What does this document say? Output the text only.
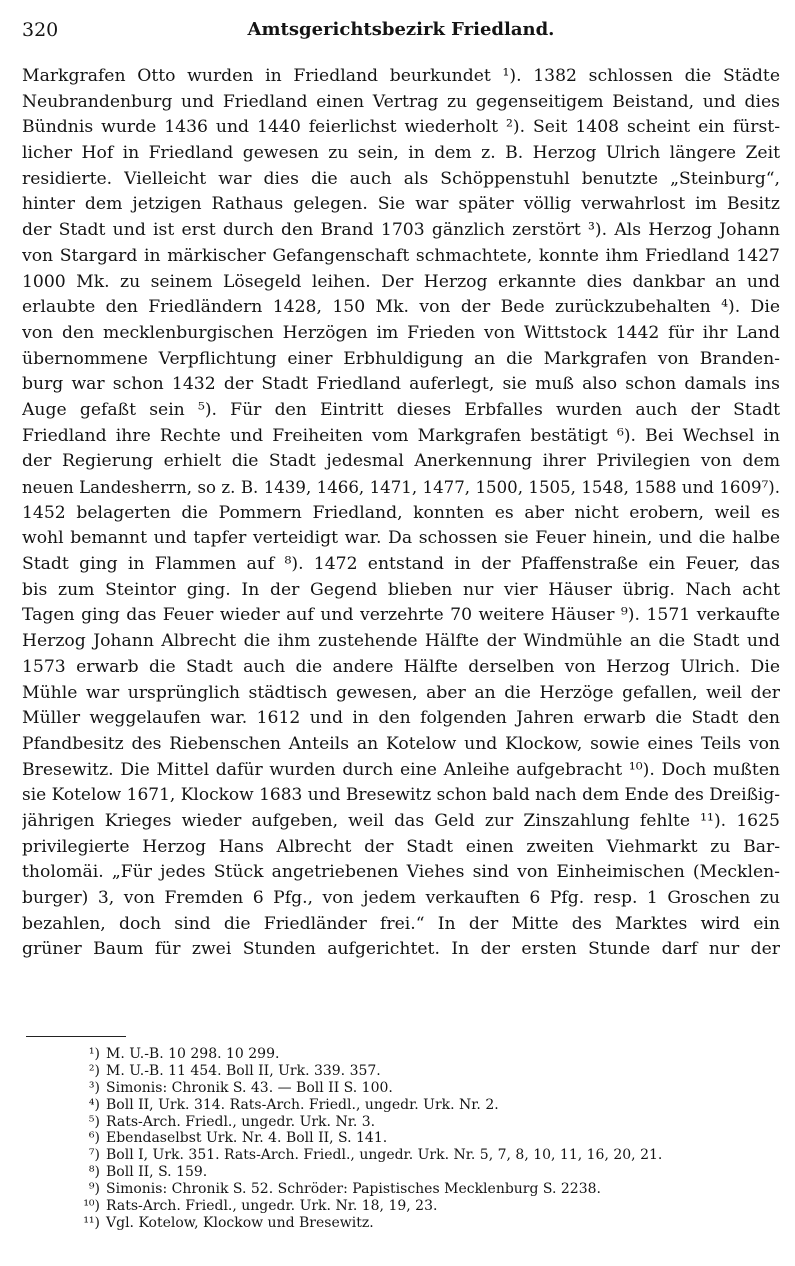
320	Amtsgerichtsbezirk Friedland.
Markgrafen Otto wurden in Friedland beurkundet ¹). 1382 schlossen die Städte
Neubrandenburg und Friedland einen Vertrag zu gegenseitigem Beistand, und dies
Bündnis wurde 1436 und 1440 feierlichst wiederholt ²). Seit 1408 scheint ein fürst-
licher Hof in Friedland gewesen zu sein, in dem z. B. Herzog Ulrich längere Zeit
residierte. Vielleicht war dies die auch als Schöppenstuhl benutzte „Steinburg“,
hinter dem jetzigen Rathaus gelegen. Sie war später völlig verwahrlost im Besitz
der Stadt und ist erst durch den Brand 1703 gänzlich zerstört ³). Als Herzog Johann
von Stargard in märkischer Gefangenschaft schmachtete, konnte ihm Friedland 1427
1000 Mk. zu seinem Lösegeld leihen. Der Herzog erkannte dies dankbar an und
erlaubte den Friedländern 1428, 150 Mk. von der Bede zurückzubehalten ⁴). Die
von den mecklenburgischen Herzögen im Frieden von Wittstock 1442 für ihr Land
übernommene Verpflichtung einer Erbhuldigung an die Markgrafen von Branden-
burg war schon 1432 der Stadt Friedland auferlegt, sie muß also schon damals ins
Auge gefaßt sein ⁵). Für den Eintritt dieses Erbfalles wurden auch der Stadt
Friedland ihre Rechte und Freiheiten vom Markgrafen bestätigt ⁶). Bei Wechsel in
der Regierung erhielt die Stadt jedesmal Anerkennung ihrer Privilegien von dem
neuen Landesherrn, so z. B. 1439, 1466, 1471, 1477, 1500, 1505, 1548, 1588 und 1609⁷).
1452 belagerten die Pommern Friedland, konnten es aber nicht erobern, weil es
wohl bemannt und tapfer verteidigt war. Da schossen sie Feuer hinein, und die halbe
Stadt ging in Flammen auf ⁸). 1472 entstand in der Pfaffenstraße ein Feuer, das
bis zum Steintor ging. In der Gegend blieben nur vier Häuser übrig. Nach acht
Tagen ging das Feuer wieder auf und verzehrte 70 weitere Häuser ⁹). 1571 verkaufte
Herzog Johann Albrecht die ihm zustehende Hälfte der Windmühle an die Stadt und
1573 erwarb die Stadt auch die andere Hälfte derselben von Herzog Ulrich. Die
Mühle war ursprünglich städtisch gewesen, aber an die Herzöge gefallen, weil der
Müller weggelaufen war. 1612 und in den folgenden Jahren erwarb die Stadt den
Pfandbesitz des Riebenschen Anteils an Kotelow und Klockow, sowie eines Teils von
Bresewitz. Die Mittel dafür wurden durch eine Anleihe aufgebracht ¹⁰). Doch mußten
sie Kotelow 1671, Klockow 1683 und Bresewitz schon bald nach dem Ende des Dreißig-
jährigen Krieges wieder aufgeben, weil das Geld zur Zinszahlung fehlte ¹¹). 1625
privilegierte Herzog Hans Albrecht der Stadt einen zweiten Viehmarkt zu Bar-
tholomäi. „Für jedes Stück angetriebenen Viehes sind von Einheimischen (Mecklen-
burger) 3, von Fremden 6 Pfg., von jedem verkauften 6 Pfg. resp. 1 Groschen zu
bezahlen, doch sind die Friedländer frei.“ In der Mitte des Marktes wird ein
grüner Baum für zwei Stunden aufgerichtet. In der ersten Stunde darf nur der
¹) M. U.-B. 10 298. 10 299.
²) M. U.-B. 11 454. Boll II, Urk. 339. 357.
³) Simonis: Chronik S. 43. — Boll II S. 100.
⁴) Boll II, Urk. 314. Rats-Arch. Friedl., ungedr. Urk. Nr. 2.
⁵) Rats-Arch. Friedl., ungedr. Urk. Nr. 3.
⁶) Ebendaselbst Urk. Nr. 4. Boll II, S. 141.
⁷) Boll I, Urk. 351. Rats-Arch. Friedl., ungedr. Urk. Nr. 5, 7, 8, 10, 11, 16, 20, 21.
⁸) Boll II, S. 159.
⁹) Simonis: Chronik S. 52. Schröder: Papistisches Mecklenburg S. 2238.
¹⁰) Rats-Arch. Friedl., ungedr. Urk. Nr. 18, 19, 23.
¹¹) Vgl. Kotelow, Klockow und Bresewitz.
